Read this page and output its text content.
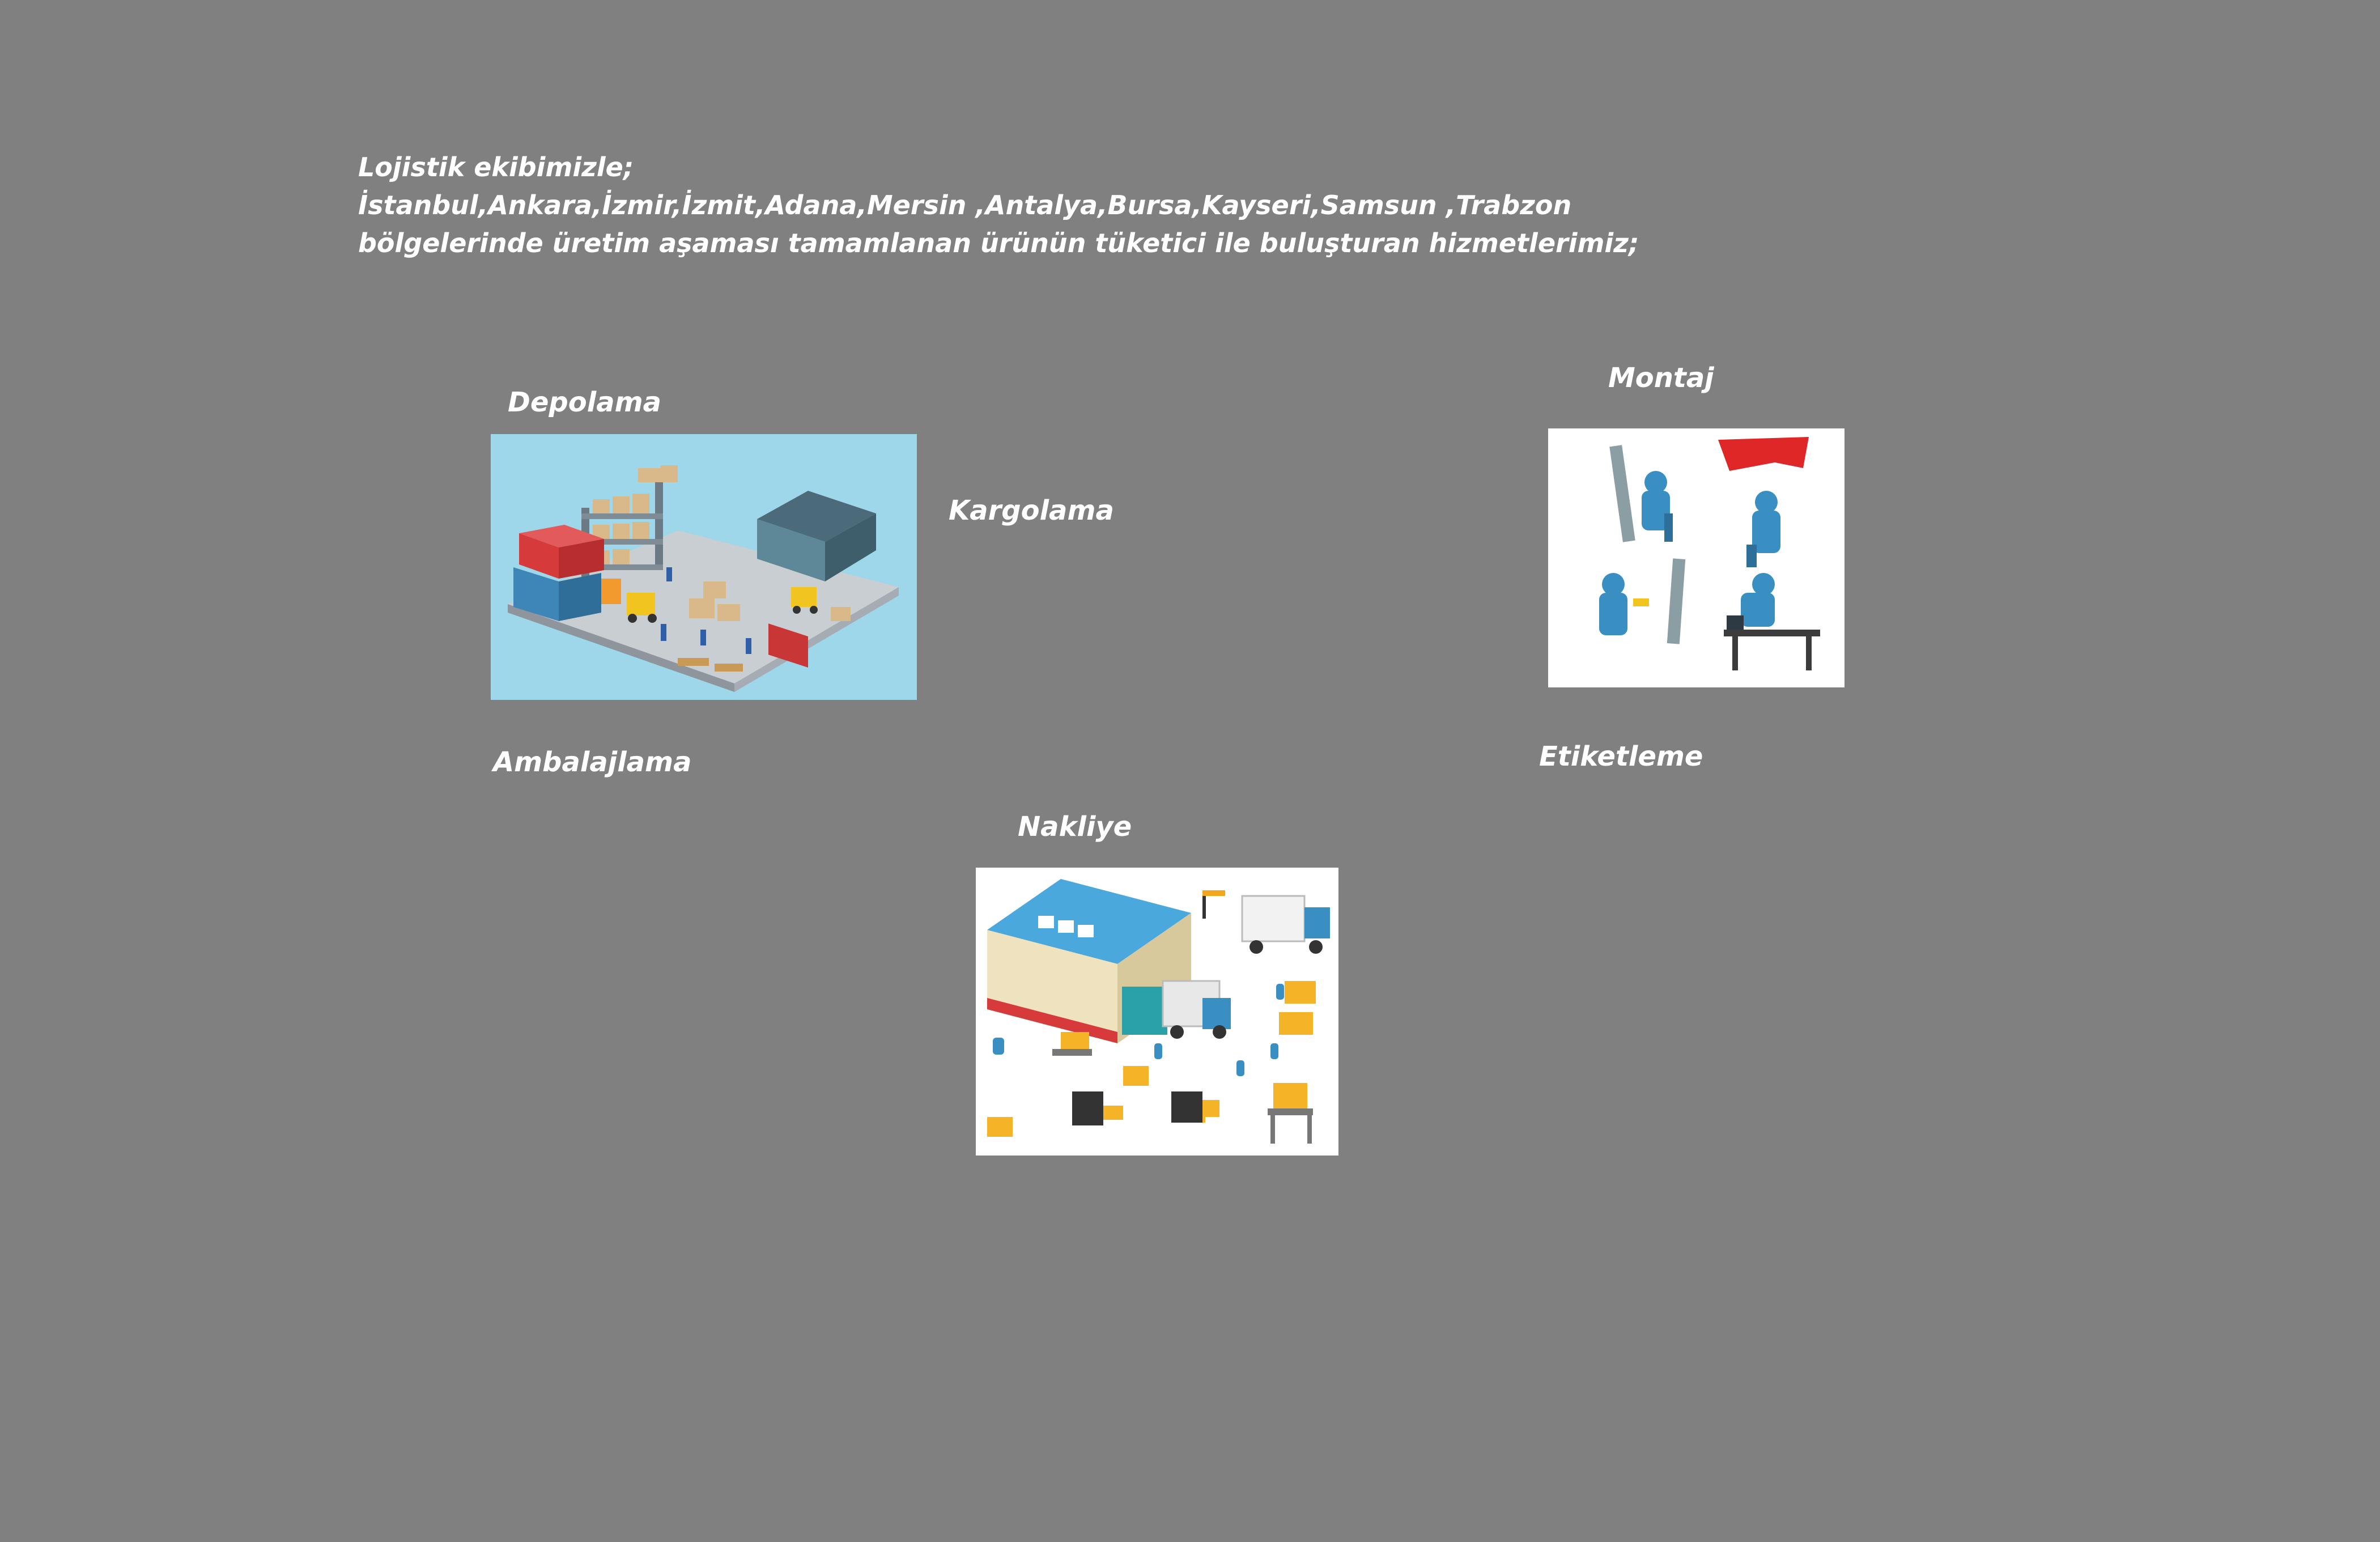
Lojistik ekibimizle;
İstanbul,Ankara,İzmir,İzmit,Adana,Mersin ,Antalya,Bursa,Kayseri,Samsun ,Trabzon
bölgelerinde üretim aşaması tamamlanan ürünün tüketici ile buluşturan hizmetlerimiz;
Depolama
Kargolama
Montaj
Ambalajlama	Etiketleme
Nakliye
